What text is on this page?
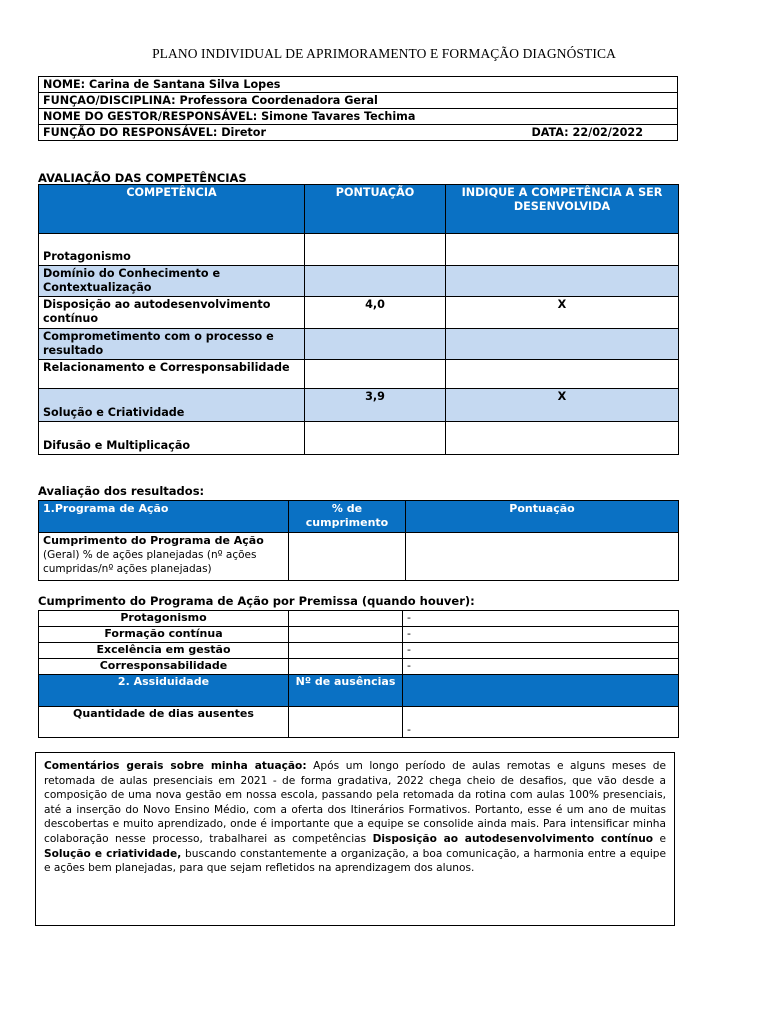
PLANO INDIVIDUAL DE APRIMORAMENTO E FORMAÇÃO DIAGNÓSTICA
NOME: Carina de Santana Silva Lopes
FUNÇAO/DISCIPLINA: Professora Coordenadora Geral
NOME DO GESTOR/RESPONSÁVEL: Simone Tavares Techima
FUNÇÃO DO RESPONSÁVEL: Diretor	DATA: 22/02/2022
AVALIAÇÃO DAS COMPETÊNCIAS
COMPETÊNCIA	PONTUAÇÃO	INDIQUE A COMPETÊNCIA A SER DESENVOLVIDA
Protagonismo		
Domínio do Conhecimento e Contextualização		
Disposição ao autodesenvolvimento contínuo	4,0	X
Comprometimento com o processo e resultado		
Relacionamento e Corresponsabilidade		
Solução e Criatividade	3,9	X
Difusão e Multiplicação		
Avaliação dos resultados:
1.Programa de Ação	% de cumprimento	Pontuação

Cumprimento do Programa de Ação
(Geral) % de ações planejadas (nº ações cumpridas/nº ações planejadas)		

Cumprimento do Programa de Ação por Premissa (quando houver):
Protagonismo		-
Formação contínua		-
Excelência em gestão		-
Corresponsabilidade		-
2. Assiduidade	Nº de ausências	
Quantidade de dias ausentes		-
Comentários gerais sobre minha atuação: Após um longo período de aulas remotas e alguns meses de retomada de aulas presenciais em 2021 - de forma gradativa, 2022 chega cheio de desafios, que vão desde a composição de uma nova gestão em nossa escola, passando pela retomada da rotina com aulas 100% presenciais, até a inserção do Novo Ensino Médio, com a oferta dos Itinerários Formativos. Portanto, esse é um ano de muitas descobertas e muito aprendizado, onde é importante que a equipe se consolide ainda mais. Para intensificar minha colaboração nesse processo, trabalharei as competências Disposição ao autodesenvolvimento contínuo e Solução e criatividade, buscando constantemente a organização, a boa comunicação, a harmonia entre a equipe e ações bem planejadas, para que sejam refletidos na aprendizagem dos alunos.
